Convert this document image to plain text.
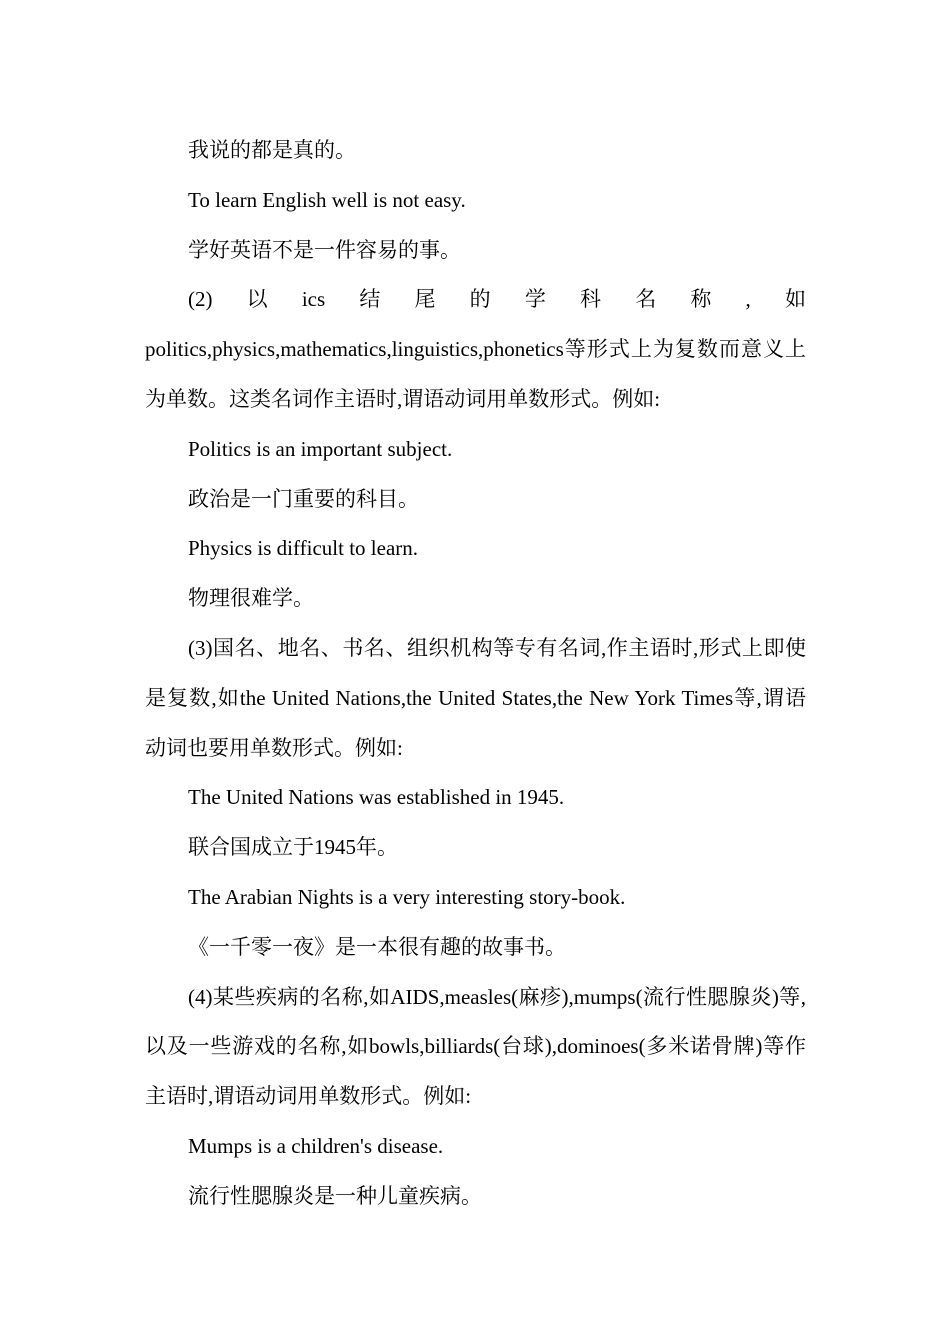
我说的都是真的。

To learn English well is not easy.

学好英语不是一件容易的事。

(2)以ics结尾的学科名称,如politics,physics,mathematics,linguistics,phonetics等形式上为复数而意义上为单数。这类名词作主语时,谓语动词用单数形式。例如:

Politics is an important subject.

政治是一门重要的科目。

Physics is difficult to learn.

物理很难学。

(3)国名、地名、书名、组织机构等专有名词,作主语时,形式上即使是复数,如the United Nations,the United States,the New York Times等,谓语动词也要用单数形式。例如:

The United Nations was established in 1945.

联合国成立于1945年。

The Arabian Nights is a very interesting story-book.

《一千零一夜》是一本很有趣的故事书。

(4)某些疾病的名称,如AIDS,measles(麻疹),mumps(流行性腮腺炎)等,以及一些游戏的名称,如bowls,billiards(台球),dominoes(多米诺骨牌)等作主语时,谓语动词用单数形式。例如:

Mumps is a children's disease.

流行性腮腺炎是一种儿童疾病。
